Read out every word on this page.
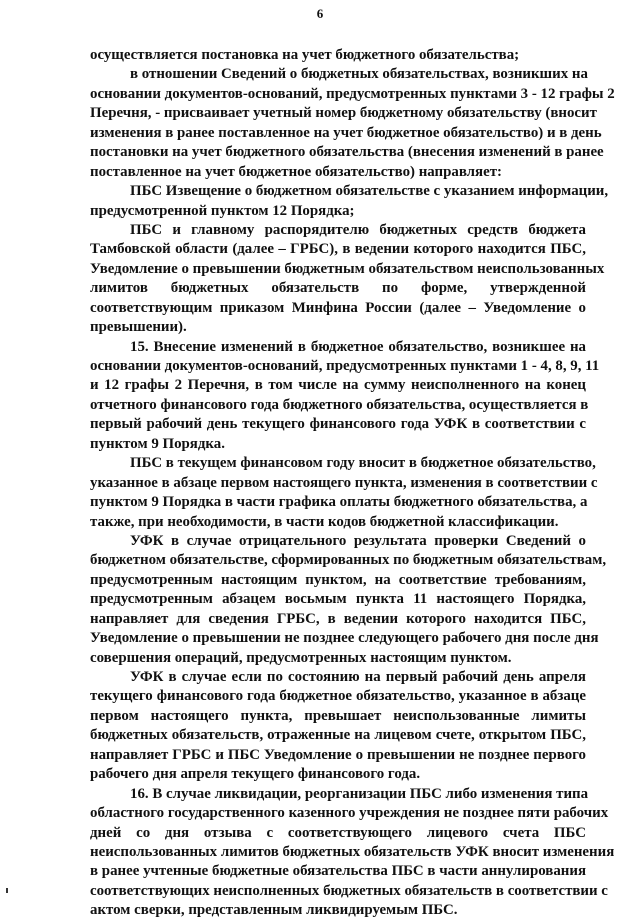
6
осуществляется постановка на учет бюджетного обязательства;
в отношении Сведений о бюджетных обязательствах, возникших на
основании документов-оснований, предусмотренных пунктами 3 - 12 графы 2
Перечня, - присваивает учетный номер бюджетному обязательству (вносит
изменения в ранее поставленное на учет бюджетное обязательство) и в день
постановки на учет бюджетного обязательства (внесения изменений в ранее
поставленное на учет бюджетное обязательство) направляет:
ПБС Извещение о бюджетном обязательстве с указанием информации,
предусмотренной пунктом 12 Порядка;
ПБС и главному распорядителю бюджетных средств бюджета
Тамбовской области (далее – ГРБС), в ведении которого находится ПБС,
Уведомление о превышении бюджетным обязательством неиспользованных
лимитов бюджетных обязательств по форме, утвержденной
соответствующим приказом Минфина России (далее – Уведомление о
превышении).
15. Внесение изменений в бюджетное обязательство, возникшее на
основании документов-оснований, предусмотренных пунктами 1 - 4, 8, 9, 11
и 12 графы 2 Перечня, в том числе на сумму неисполненного на конец
отчетного финансового года бюджетного обязательства, осуществляется в
первый рабочий день текущего финансового года УФК в соответствии с
пунктом 9 Порядка.
ПБС в текущем финансовом году вносит в бюджетное обязательство,
указанное в абзаце первом настоящего пункта, изменения в соответствии с
пунктом 9 Порядка в части графика оплаты бюджетного обязательства, а
также, при необходимости, в части кодов бюджетной классификации.
УФК в случае отрицательного результата проверки Сведений о
бюджетном обязательстве, сформированных по бюджетным обязательствам,
предусмотренным настоящим пунктом, на соответствие требованиям,
предусмотренным абзацем восьмым пункта 11 настоящего Порядка,
направляет для сведения ГРБС, в ведении которого находится ПБС,
Уведомление о превышении не позднее следующего рабочего дня после дня
совершения операций, предусмотренных настоящим пунктом.
УФК в случае если по состоянию на первый рабочий день апреля
текущего финансового года бюджетное обязательство, указанное в абзаце
первом настоящего пункта, превышает неиспользованные лимиты
бюджетных обязательств, отраженные на лицевом счете, открытом ПБС,
направляет ГРБС и ПБС Уведомление о превышении не позднее первого
рабочего дня апреля текущего финансового года.
16. В случае ликвидации, реорганизации ПБС либо изменения типа
областного государственного казенного учреждения не позднее пяти рабочих
дней со дня отзыва с соответствующего лицевого счета ПБС
неиспользованных лимитов бюджетных обязательств УФК вносит изменения
в ранее учтенные бюджетные обязательства ПБС в части аннулирования
соответствующих неисполненных бюджетных обязательств в соответствии с
актом сверки, представленным ликвидируемым ПБС.
